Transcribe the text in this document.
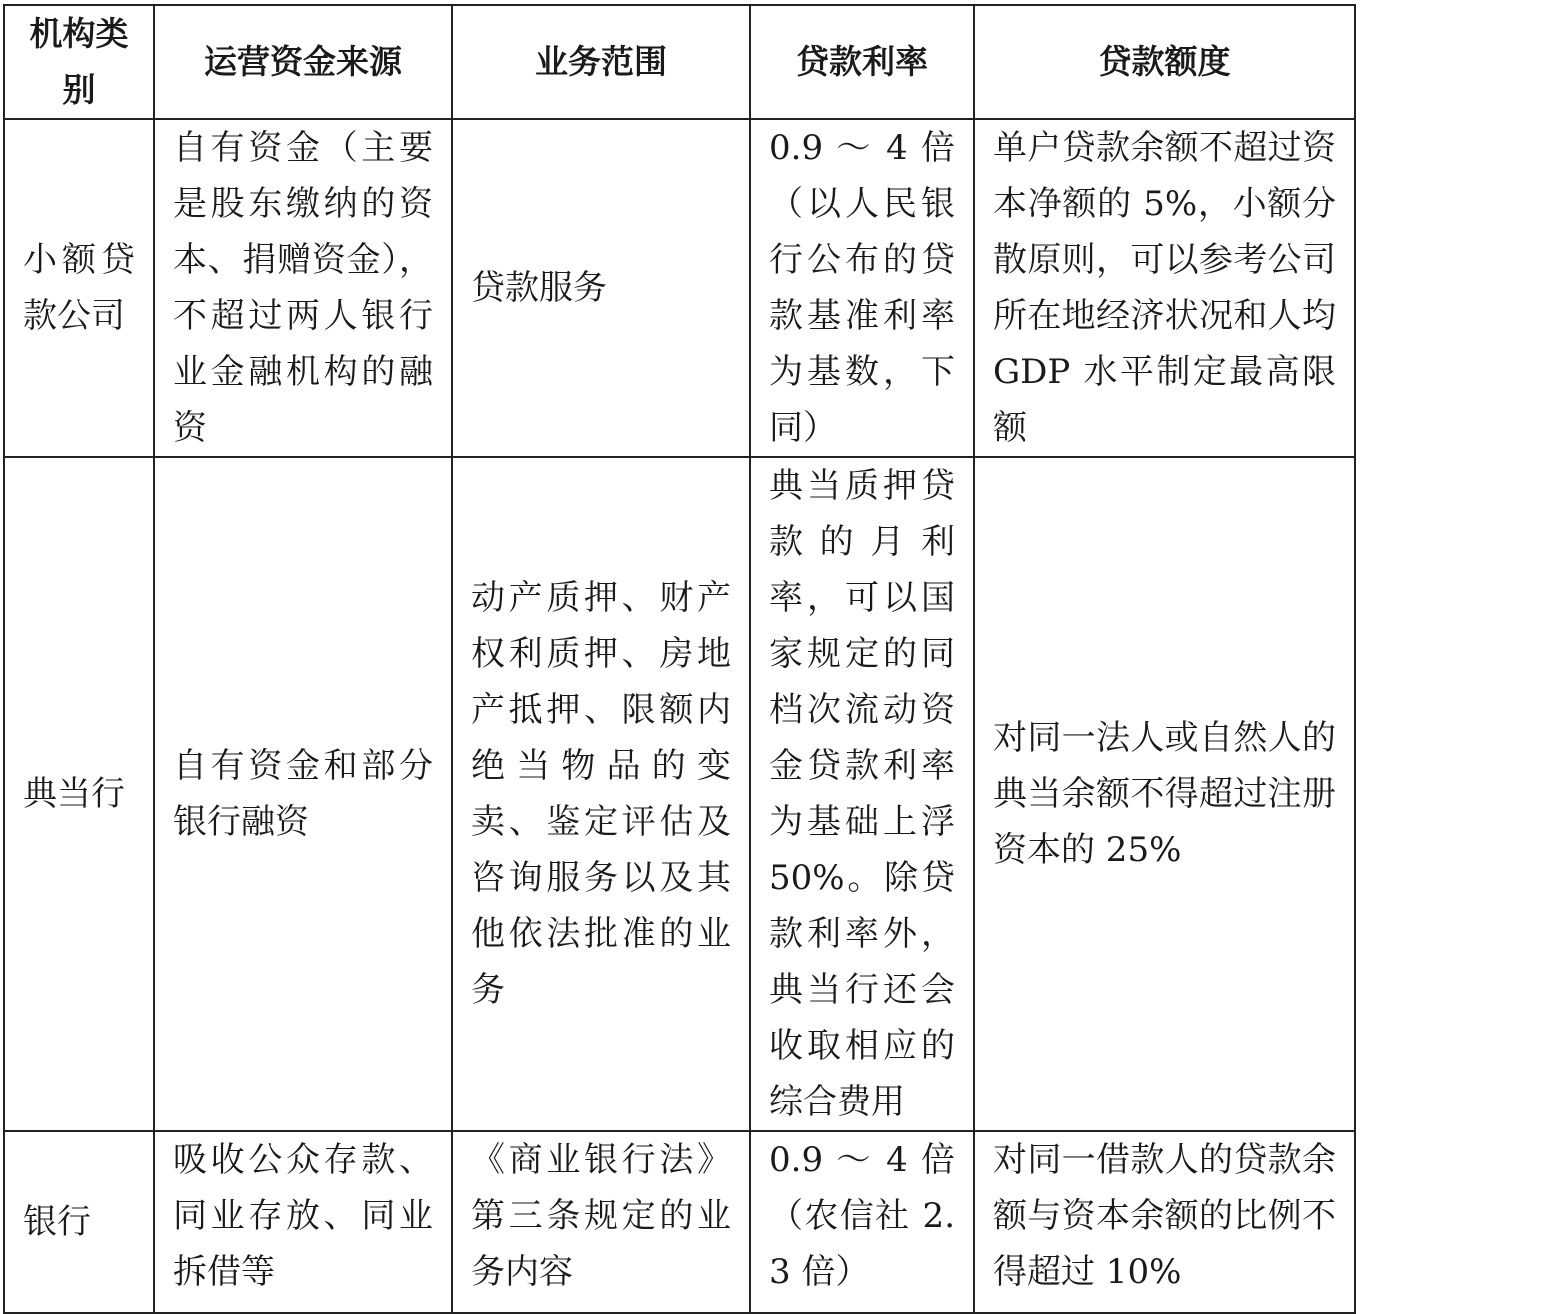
机构类别	运营资金来源	业务范围	贷款利率	贷款额度
小额贷款公司	自有资金（主要是股东缴纳的资本、捐赠资金），不超过两人银行业金融机构的融资	贷款服务	0.9 ～ 4 倍（以人民银行公布的贷款基准利率为基数，下同）	单户贷款余额不超过资本净额的 5%，小额分散原则，可以参考公司所在地经济状况和人均 GDP 水平制定最高限额
典当行	自有资金和部分银行融资	动产质押、财产权利质押、房地产抵押、限额内绝当物品的变卖、鉴定评估及咨询服务以及其他依法批准的业务	典当质押贷款的月利率，可以国家规定的同档次流动资金贷款利率为基础上浮 50%。除贷款利率外，典当行还会收取相应的综合费用	对同一法人或自然人的典当余额不得超过注册资本的 25%
银行	吸收公众存款、同业存放、同业拆借等	《商业银行法》第三条规定的业务内容	0.9 ～ 4 倍（农信社 2.3 倍）	对同一借款人的贷款余额与资本余额的比例不得超过 10%
